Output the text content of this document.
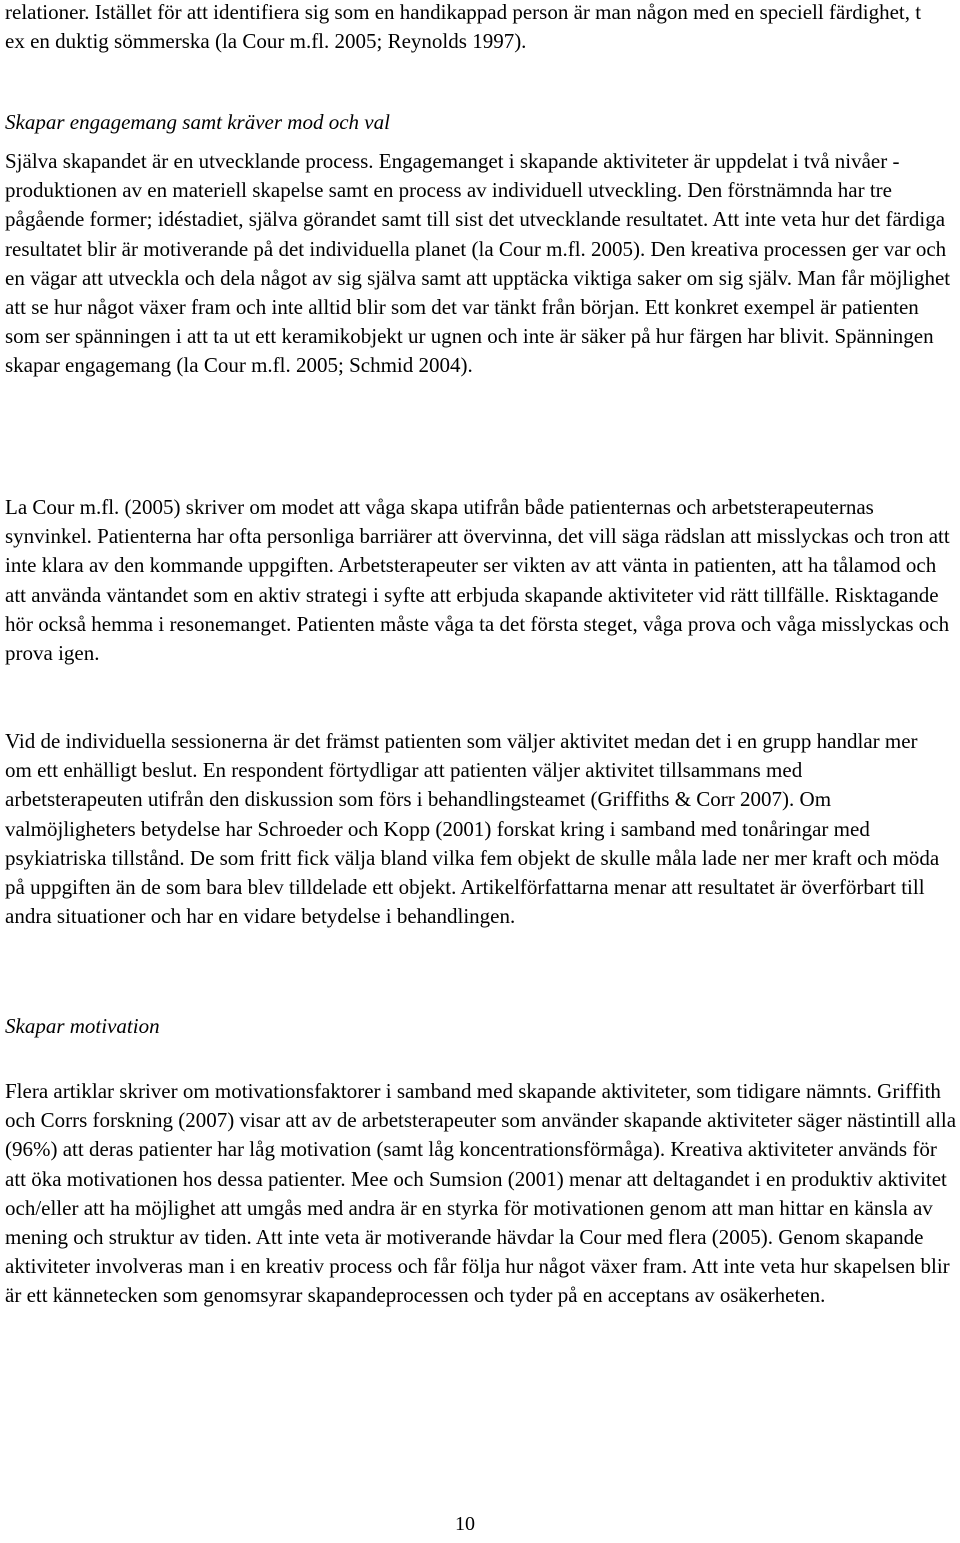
relationer. Istället för att identifiera sig som en handikappad person är man någon med en speciell färdighet, t ex en duktig sömmerska (la Cour m.fl. 2005; Reynolds 1997).

Skapar engagemang samt kräver mod och val

Själva skapandet är en utvecklande process. Engagemanget i skapande aktiviteter är uppdelat i två nivåer - produktionen av en materiell skapelse samt en process av individuell utveckling. Den förstnämnda har tre pågående former; idéstadiet, själva görandet samt till sist det utvecklande resultatet. Att inte veta hur det färdiga resultatet blir är motiverande på det individuella planet (la Cour m.fl. 2005). Den kreativa processen ger var och en vägar att utveckla och dela något av sig själva samt att upptäcka viktiga saker om sig själv. Man får möjlighet att se hur något växer fram och inte alltid blir som det var tänkt från början. Ett konkret exempel är patienten som ser spänningen i att ta ut ett keramikobjekt ur ugnen och inte är säker på hur färgen har blivit. Spänningen skapar engagemang (la Cour m.fl. 2005; Schmid 2004).

La Cour m.fl. (2005) skriver om modet att våga skapa utifrån både patienternas och arbetsterapeuternas synvinkel. Patienterna har ofta personliga barriärer att övervinna, det vill säga rädslan att misslyckas och tron att inte klara av den kommande uppgiften. Arbetsterapeuter ser vikten av att vänta in patienten, att ha tålamod och att använda väntandet som en aktiv strategi i syfte att erbjuda skapande aktiviteter vid rätt tillfälle. Risktagande hör också hemma i resonemanget. Patienten måste våga ta det första steget, våga prova och våga misslyckas och prova igen.

Vid de individuella sessionerna är det främst patienten som väljer aktivitet medan det i en grupp handlar mer om ett enhälligt beslut. En respondent förtydligar att patienten väljer aktivitet tillsammans med arbetsterapeuten utifrån den diskussion som förs i behandlingsteamet (Griffiths & Corr 2007). Om valmöjligheters betydelse har Schroeder och Kopp (2001) forskat kring i samband med tonåringar med psykiatriska tillstånd. De som fritt fick välja bland vilka fem objekt de skulle måla lade ner mer kraft och möda på uppgiften än de som bara blev tilldelade ett objekt. Artikelförfattarna menar att resultatet är överförbart till andra situationer och har en vidare betydelse i behandlingen.

Skapar motivation

Flera artiklar skriver om motivationsfaktorer i samband med skapande aktiviteter, som tidigare nämnts. Griffith och Corrs forskning (2007) visar att av de arbetsterapeuter som använder skapande aktiviteter säger nästintill alla (96%) att deras patienter har låg motivation (samt låg koncentrationsförmåga). Kreativa aktiviteter används för att öka motivationen hos dessa patienter. Mee och Sumsion (2001) menar att deltagandet i en produktiv aktivitet och/eller att ha möjlighet att umgås med andra är en styrka för motivationen genom att man hittar en känsla av mening och struktur av tiden. Att inte veta är motiverande hävdar la Cour med flera (2005). Genom skapande aktiviteter involveras man i en kreativ process och får följa hur något växer fram. Att inte veta hur skapelsen blir är ett kännetecken som genomsyrar skapandeprocessen och tyder på en acceptans av osäkerheten.

10
